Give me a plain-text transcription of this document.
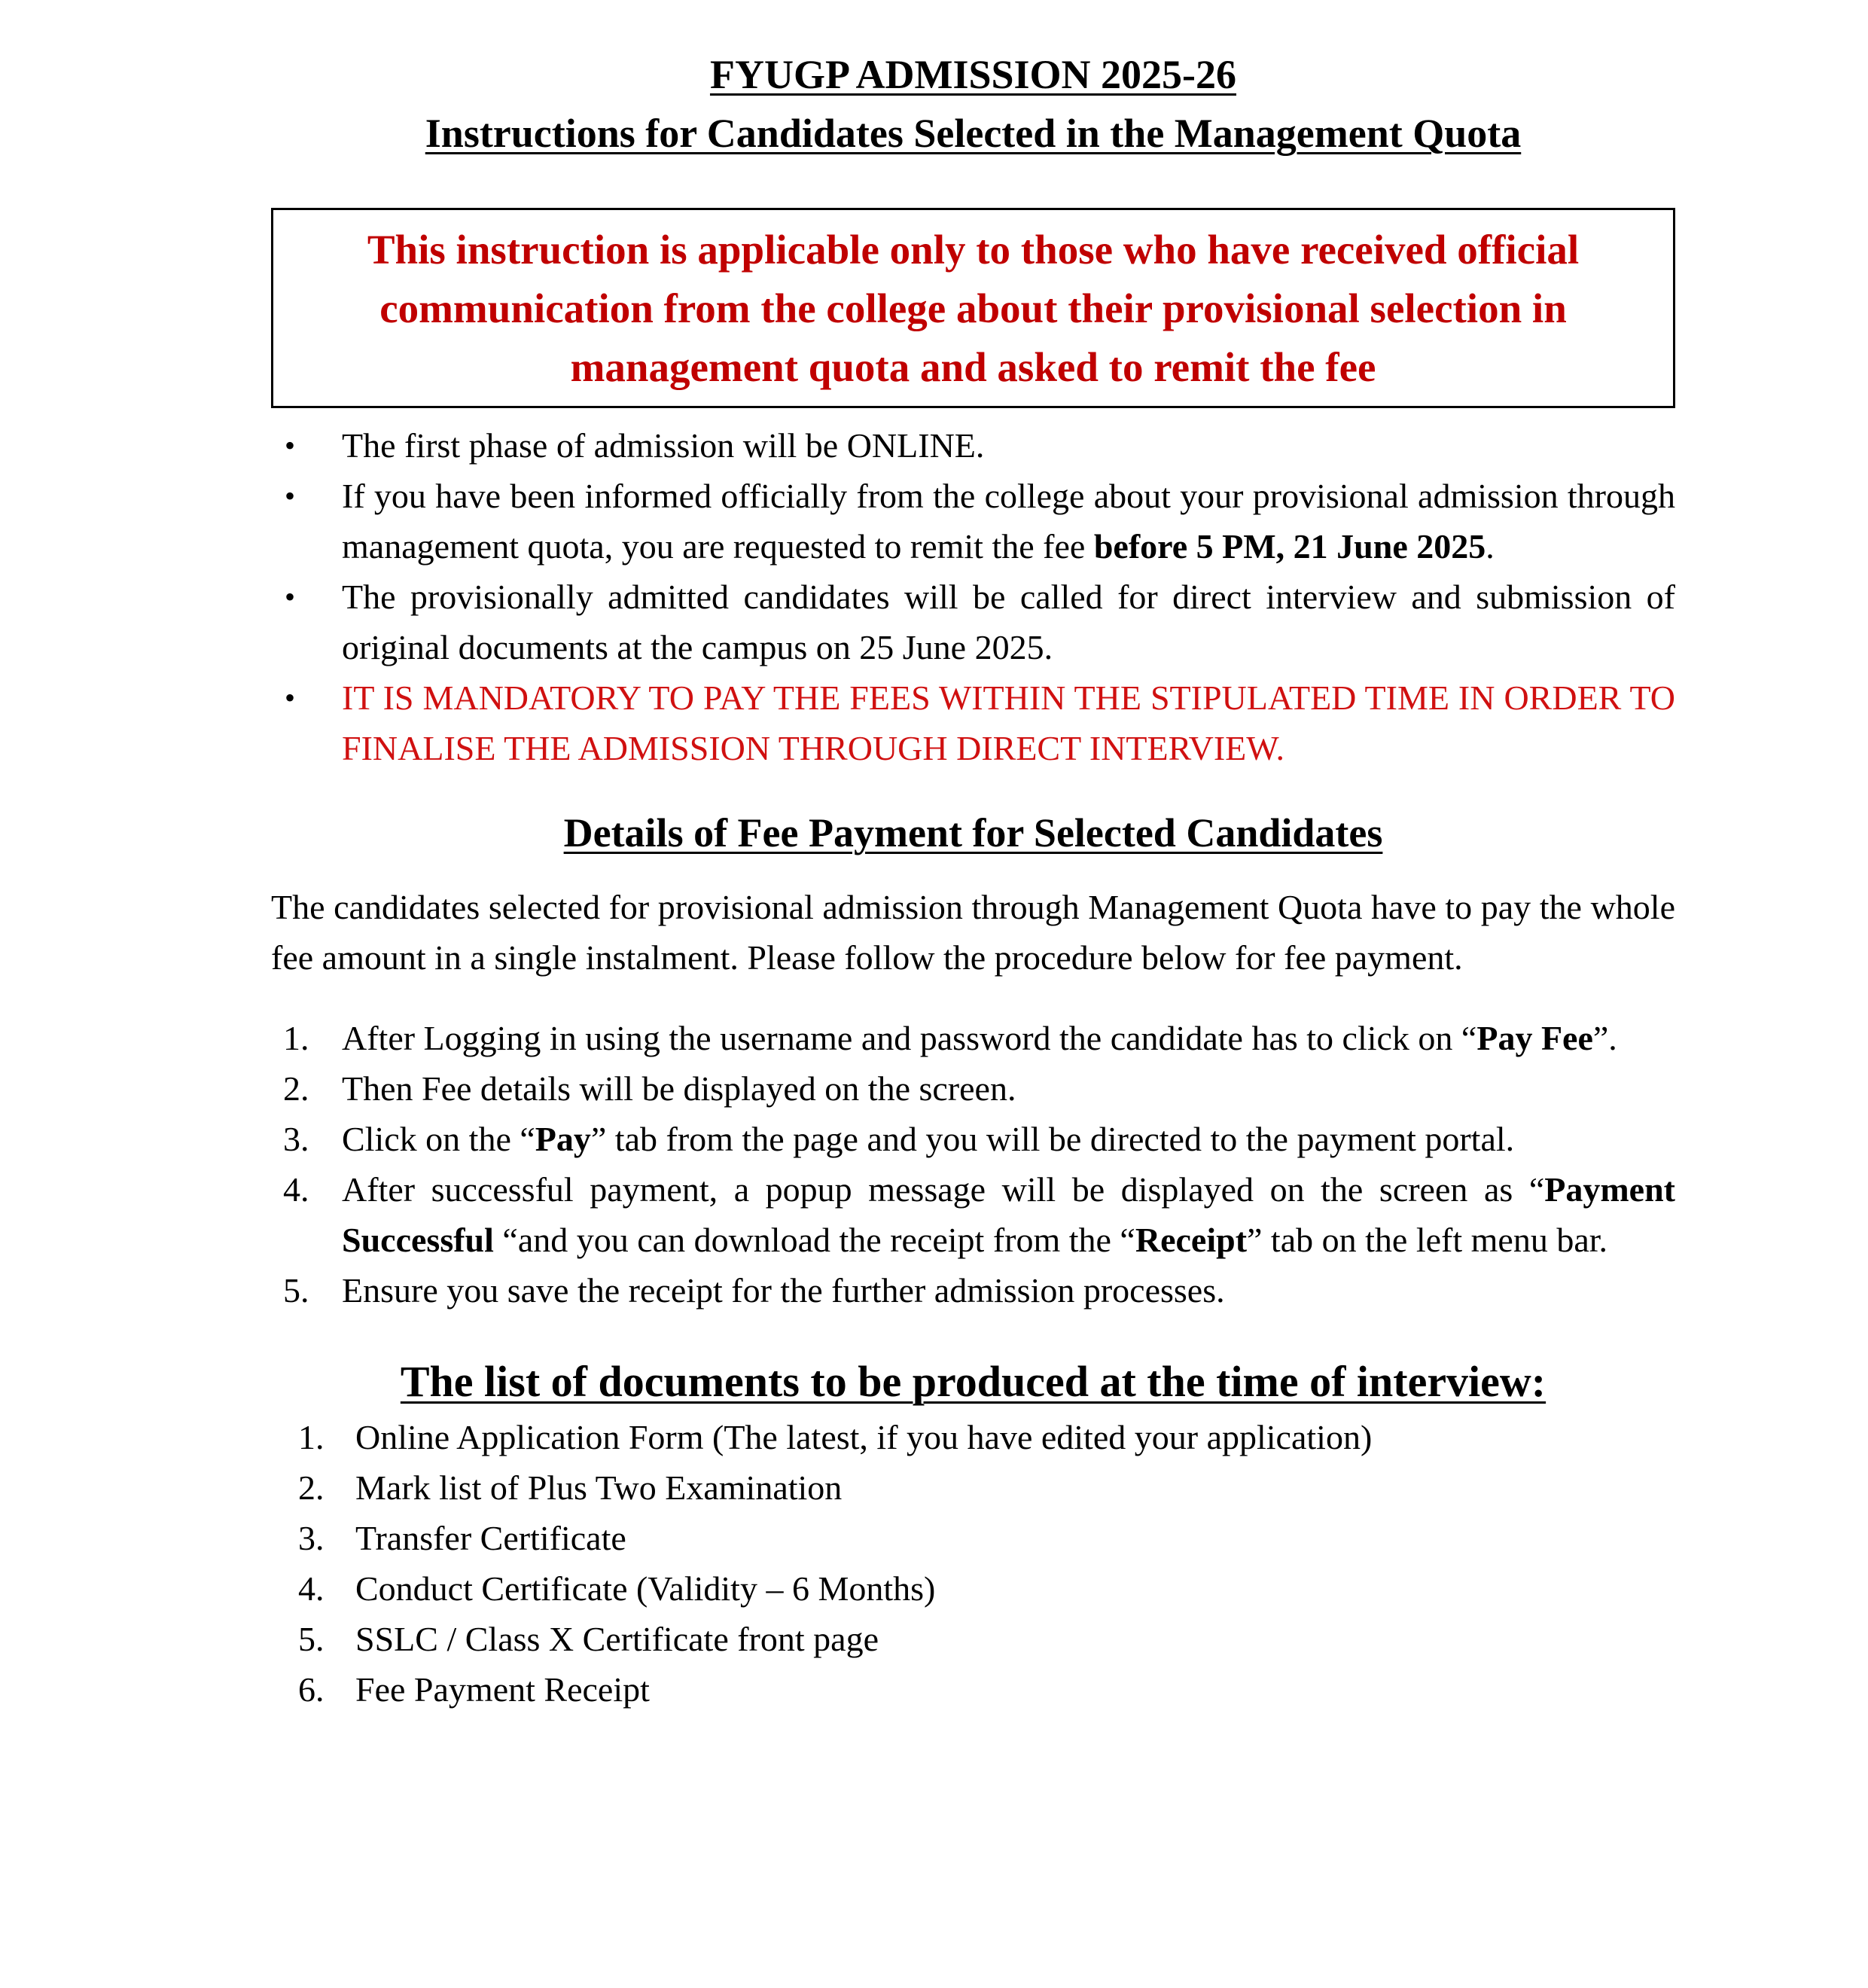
FYUGP ADMISSION 2025-26
Instructions for Candidates Selected in the Management Quota
This instruction is applicable only to those who have received official communication from the college about their provisional selection in management quota and asked to remit the fee
• The first phase of admission will be ONLINE.
• If you have been informed officially from the college about your provisional admission through management quota, you are requested to remit the fee before 5 PM, 21 June 2025.
• The provisionally admitted candidates will be called for direct interview and submission of original documents at the campus on 25 June 2025.
• IT IS MANDATORY TO PAY THE FEES WITHIN THE STIPULATED TIME IN ORDER TO FINALISE THE ADMISSION THROUGH DIRECT INTERVIEW.
Details of Fee Payment for Selected Candidates

The candidates selected for provisional admission through Management Quota have to pay the whole fee amount in a single instalment. Please follow the procedure below for fee payment.

1. After Logging in using the username and password the candidate has to click on “Pay Fee”.
2. Then Fee details will be displayed on the screen.
3. Click on the “Pay” tab from the page and you will be directed to the payment portal.
4. After successful payment, a popup message will be displayed on the screen as “Payment Successful “and you can download the receipt from the “Receipt” tab on the left menu bar.
5. Ensure you save the receipt for the further admission processes.
The list of documents to be produced at the time of interview:
1. Online Application Form (The latest, if you have edited your application)
2. Mark list of Plus Two Examination
3. Transfer Certificate
4. Conduct Certificate (Validity – 6 Months)
5. SSLC / Class X Certificate front page
6. Fee Payment Receipt
